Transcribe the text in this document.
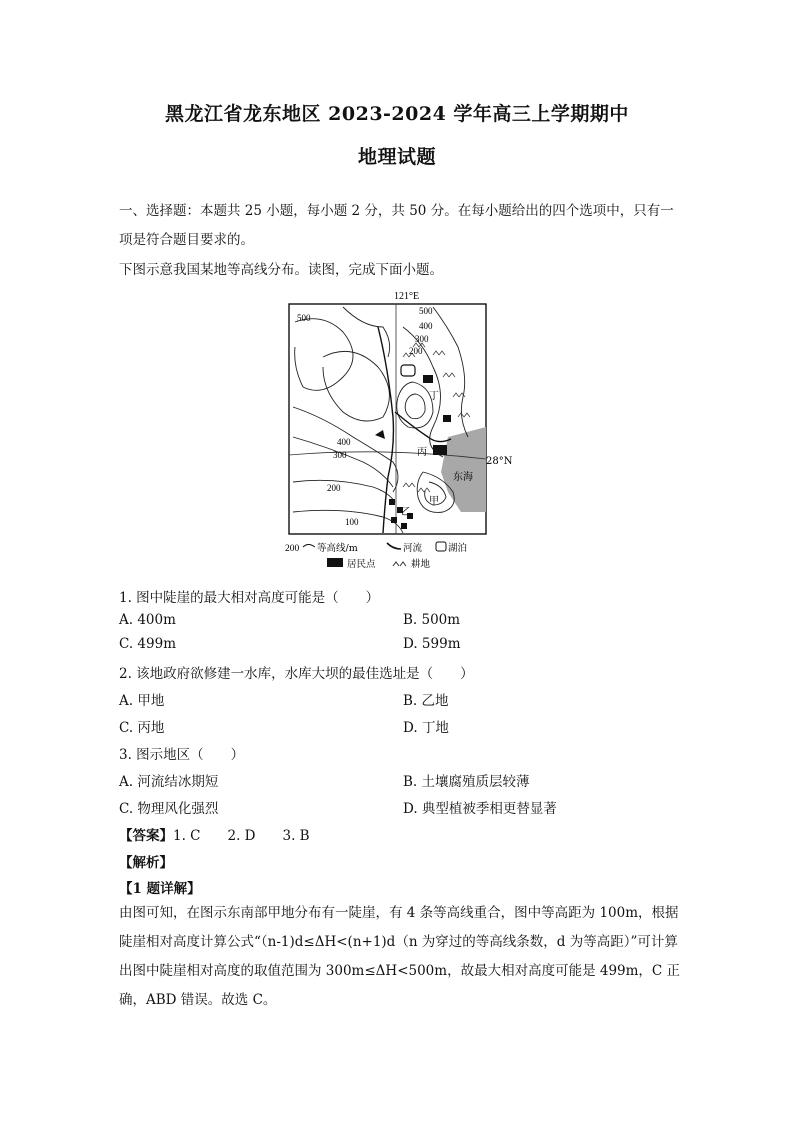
黑龙江省龙东地区 2023-2024 学年高三上学期期中
地理试题
一、选择题：本题共 25 小题，每小题 2 分，共 50 分。在每小题给出的四个选项中，只有一项是符合题目要求的。
下图示意我国某地等高线分布。读图，完成下面小题。
121°E
东海
28°N
500
500
400
300
200
400
300
200
100
甲
乙
丙
丁
200 等高线/m	河流	湖泊
居民点	耕地
1. 图中陡崖的最大相对高度可能是（　　）
A. 400m	B. 500m
C. 499m	D. 599m
2. 该地政府欲修建一水库，水库大坝的最佳选址是（　　）
A. 甲地	B. 乙地
C. 丙地	D. 丁地
3. 图示地区（　　）
A. 河流结冰期短	B. 土壤腐殖质层较薄
C. 物理风化强烈	D. 典型植被季相更替显著
【答案】1. C　　2. D　　3. B
【解析】
【1 题详解】
由图可知，在图示东南部甲地分布有一陡崖，有 4 条等高线重合，图中等高距为 100m，根据陡崖相对高度计算公式“（n-1)d≤ΔH<(n+1)d（n 为穿过的等高线条数，d 为等高距）”可计算出图中陡崖相对高度的取值范围为 300m≤ΔH<500m，故最大相对高度可能是 499m，C 正确，ABD 错误。故选 C。
